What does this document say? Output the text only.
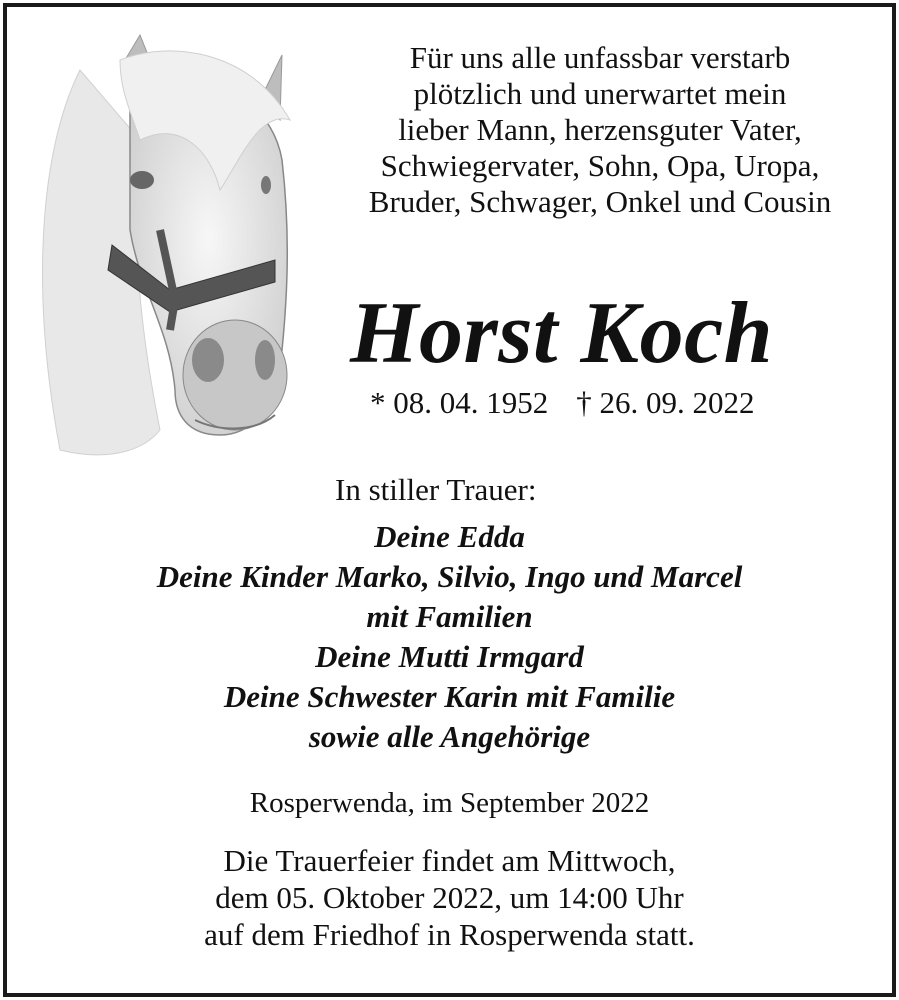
Für uns alle unfassbar verstarb
plötzlich und unerwartet mein
lieber Mann, herzensguter Vater,
Schwiegervater, Sohn, Opa, Uropa,
Bruder, Schwager, Onkel und Cousin
Horst Koch
* 08. 04. 1952 † 26. 09. 2022
In stiller Trauer:
Deine Edda
Deine Kinder Marko, Silvio, Ingo und Marcel
mit Familien
Deine Mutti Irmgard
Deine Schwester Karin mit Familie
sowie alle Angehörige
Rosperwenda, im September 2022
Die Trauerfeier findet am Mittwoch,
dem 05. Oktober 2022, um 14:00 Uhr
auf dem Friedhof in Rosperwenda statt.
